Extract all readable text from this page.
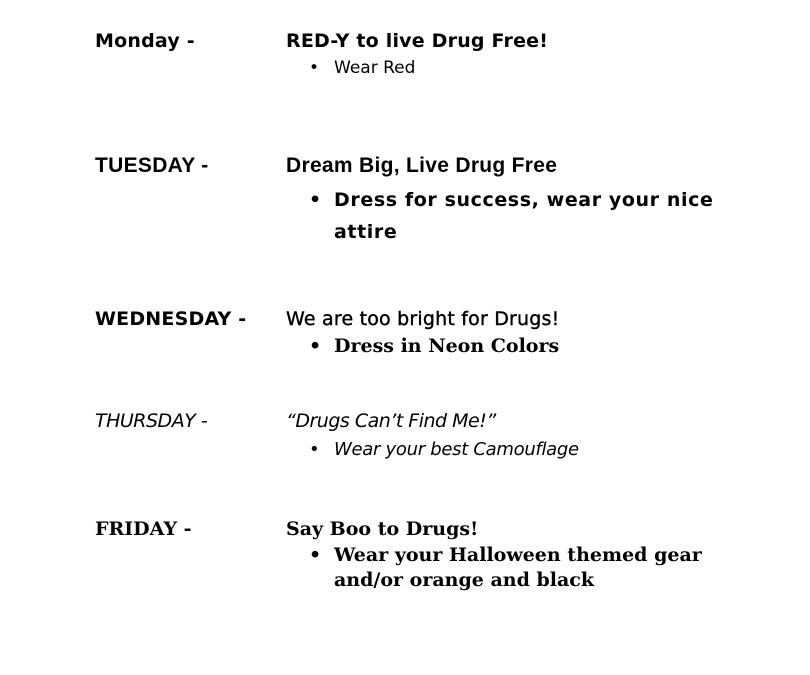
Monday -	RED-Y to live Drug Free!
• Wear Red
TUESDAY -	Dream Big, Live Drug Free
• Dress for success, wear your nice
attire
WEDNESDAY - We are too bright for Drugs!
• Dress in Neon Colors
THURSDAY -	“Drugs Can’t Find Me!”
• Wear your best Camouflage
FRIDAY -	Say Boo to Drugs!
• Wear your Halloween themed gear
and/or orange and black
